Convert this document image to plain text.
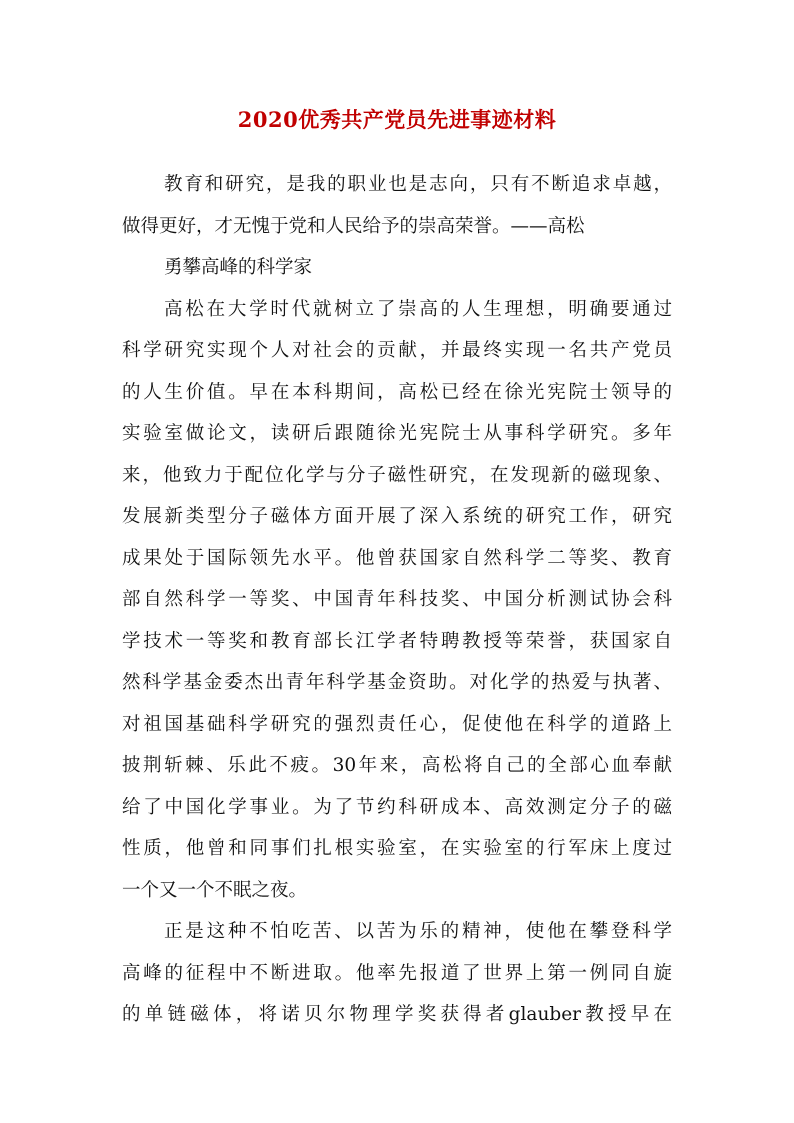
2020优秀共产党员先进事迹材料
教育和研究，是我的职业也是志向，只有不断追求卓越，
做得更好，才无愧于党和人民给予的崇高荣誉。——高松
勇攀高峰的科学家
高松在大学时代就树立了崇高的人生理想，明确要通过
科学研究实现个人对社会的贡献，并最终实现一名共产党员
的人生价值。早在本科期间，高松已经在徐光宪院士领导的
实验室做论文，读研后跟随徐光宪院士从事科学研究。多年
来，他致力于配位化学与分子磁性研究，在发现新的磁现象、
发展新类型分子磁体方面开展了深入系统的研究工作，研究
成果处于国际领先水平。他曾获国家自然科学二等奖、教育
部自然科学一等奖、中国青年科技奖、中国分析测试协会科
学技术一等奖和教育部长江学者特聘教授等荣誉，获国家自
然科学基金委杰出青年科学基金资助。对化学的热爱与执著、
对祖国基础科学研究的强烈责任心，促使他在科学的道路上
披荆斩棘、乐此不疲。30年来，高松将自己的全部心血奉献
给了中国化学事业。为了节约科研成本、高效测定分子的磁
性质，他曾和同事们扎根实验室，在实验室的行军床上度过
一个又一个不眠之夜。
正是这种不怕吃苦、以苦为乐的精神，使他在攀登科学
高峰的征程中不断进取。他率先报道了世界上第一例同自旋
的单链磁体，将诺贝尔物理学奖获得者glauber教授早在
